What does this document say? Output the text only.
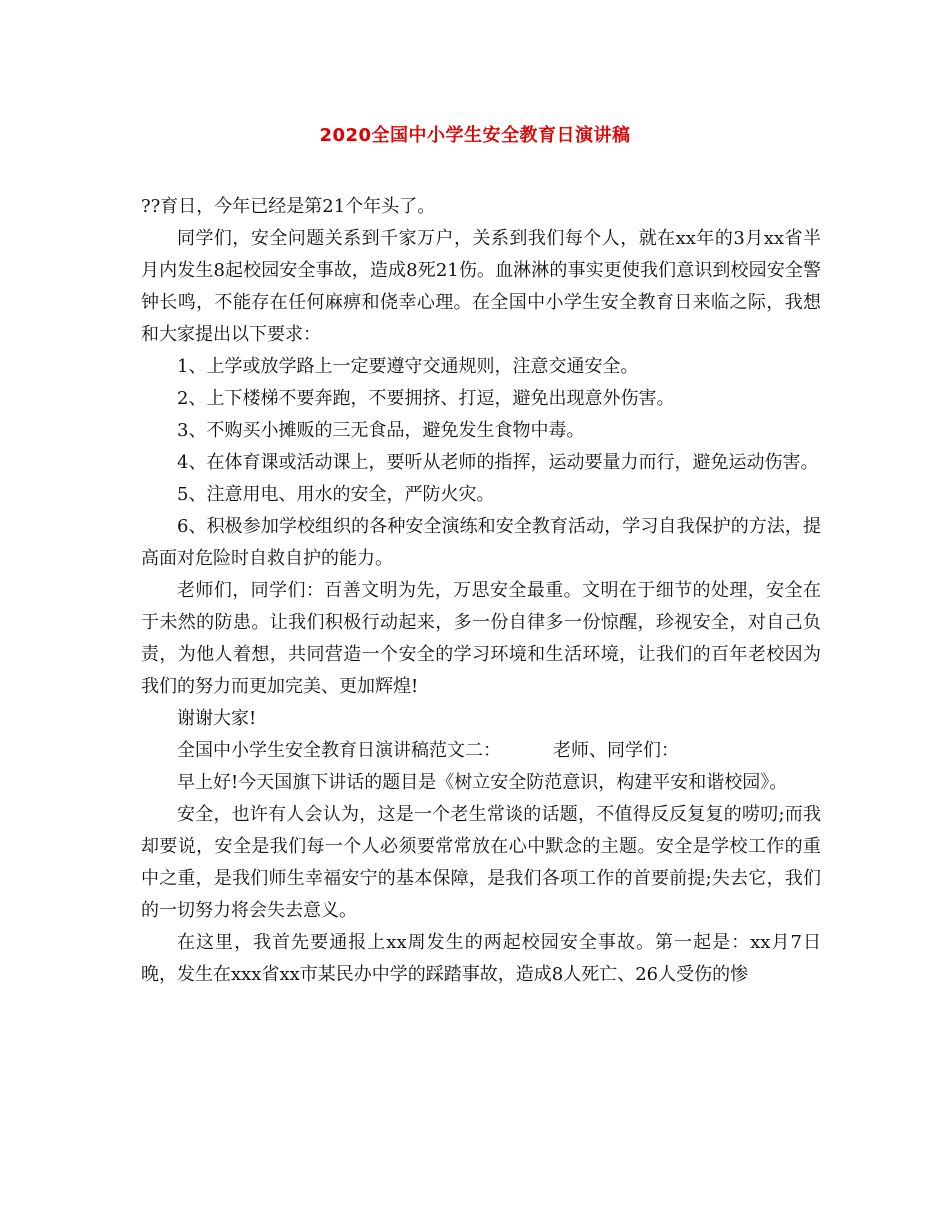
2020全国中小学生安全教育日演讲稿

??育日，今年已经是第21个年头了。

同学们，安全问题关系到千家万户，关系到我们每个人，就在xx年的3月xx省半月内发生8起校园安全事故，造成8死21伤。血淋淋的事实更使我们意识到校园安全警钟长鸣，不能存在任何麻痹和侥幸心理。在全国中小学生安全教育日来临之际，我想和大家提出以下要求：

1、上学或放学路上一定要遵守交通规则，注意交通安全。

2、上下楼梯不要奔跑，不要拥挤、打逗，避免出现意外伤害。

3、不购买小摊贩的三无食品，避免发生食物中毒。

4、在体育课或活动课上，要听从老师的指挥，运动要量力而行，避免运动伤害。

5、注意用电、用水的安全，严防火灾。

6、积极参加学校组织的各种安全演练和安全教育活动，学习自我保护的方法，提高面对危险时自救自护的能力。

老师们，同学们：百善文明为先，万思安全最重。文明在于细节的处理，安全在于未然的防患。让我们积极行动起来，多一份自律多一份惊醒，珍视安全，对自己负责，为他人着想，共同营造一个安全的学习环境和生活环境，让我们的百年老校因为我们的努力而更加完美、更加辉煌!

谢谢大家!

全国中小学生安全教育日演讲稿范文二：	老师、同学们：

早上好!今天国旗下讲话的题目是《树立安全防范意识，构建平安和谐校园》。

安全，也许有人会认为，这是一个老生常谈的话题，不值得反反复复的唠叨;而我却要说，安全是我们每一个人必须要常常放在心中默念的主题。安全是学校工作的重中之重，是我们师生幸福安宁的基本保障，是我们各项工作的首要前提;失去它，我们的一切努力将会失去意义。

在这里，我首先要通报上xx周发生的两起校园安全事故。第一起是：xx月7日晚，发生在xxx省xx市某民办中学的踩踏事故，造成8人死亡、26人受伤的惨
